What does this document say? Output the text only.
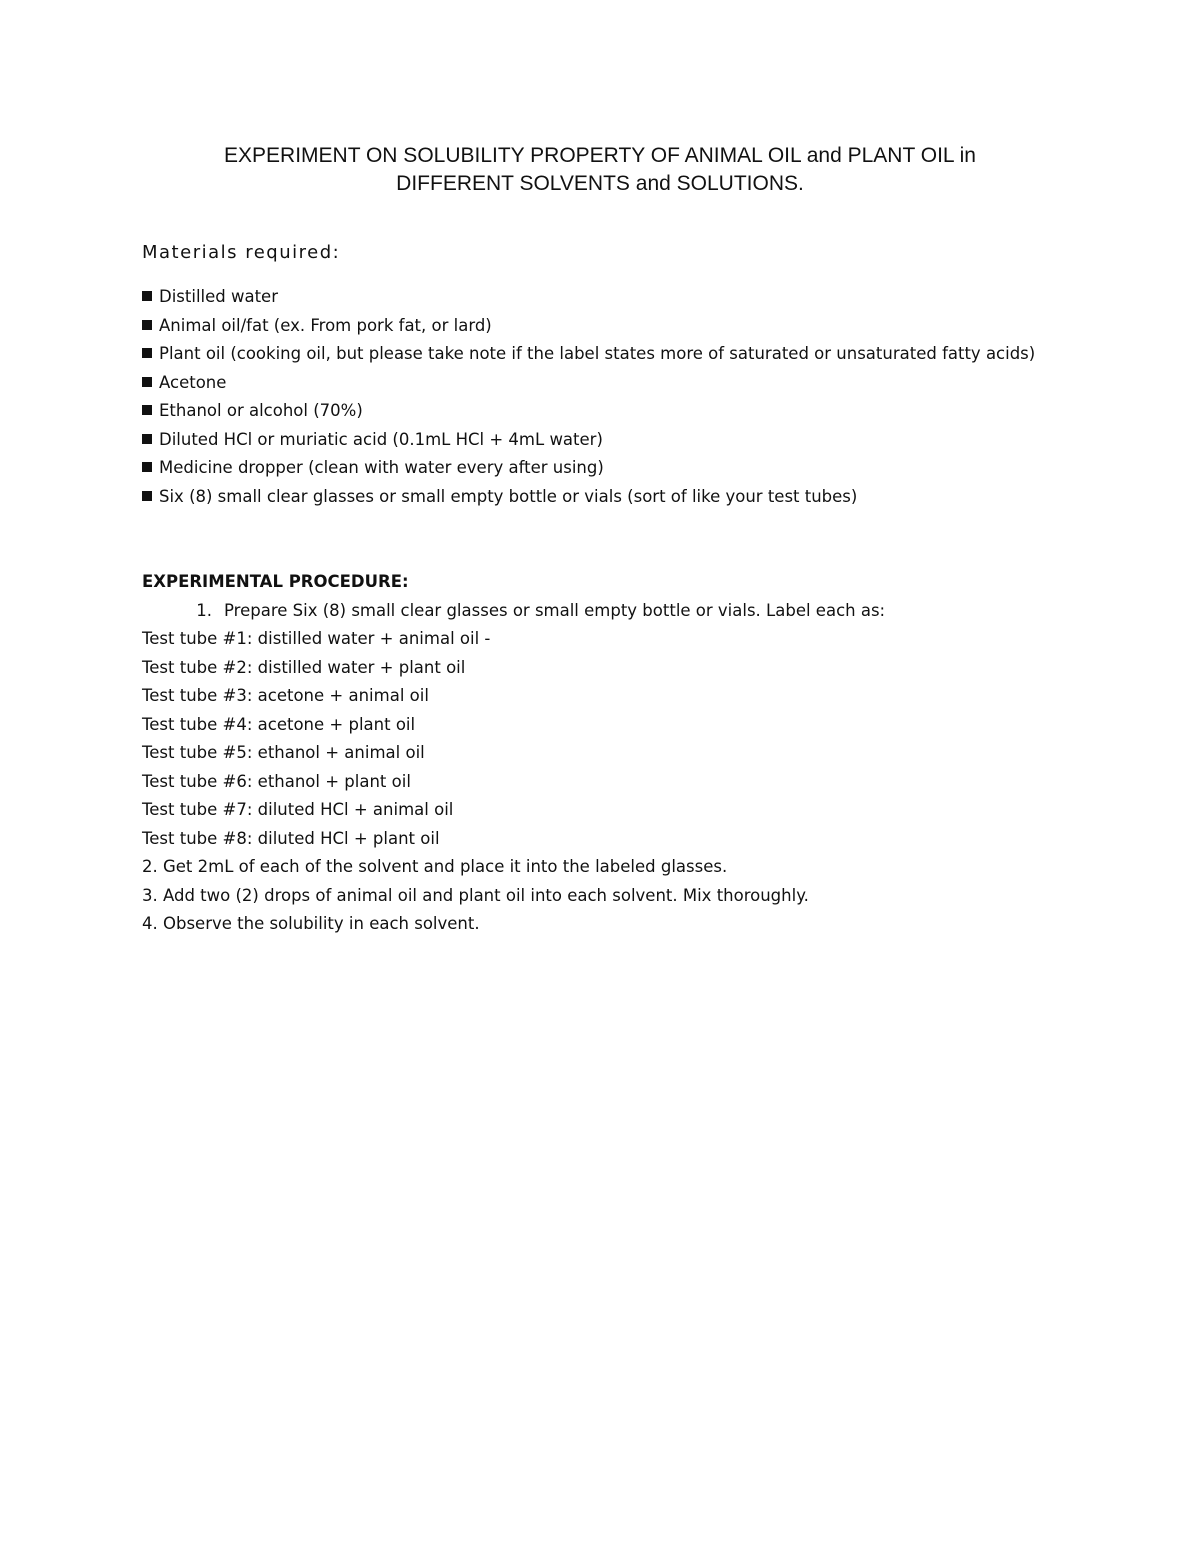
EXPERIMENT ON SOLUBILITY PROPERTY OF ANIMAL OIL and PLANT OIL in
DIFFERENT SOLVENTS and SOLUTIONS.
Materials required:
Distilled water
Animal oil/fat (ex. From pork fat, or lard)
Plant oil (cooking oil, but please take note if the label states more of saturated or unsaturated fatty acids)
Acetone
Ethanol or alcohol (70%)
Diluted HCl or muriatic acid (0.1mL HCl + 4mL water)
Medicine dropper (clean with water every after using)
Six (8) small clear glasses or small empty bottle or vials (sort of like your test tubes)
EXPERIMENTAL PROCEDURE:
1. Prepare Six (8) small clear glasses or small empty bottle or vials. Label each as:
Test tube #1: distilled water + animal oil -
Test tube #2: distilled water + plant oil
Test tube #3: acetone + animal oil
Test tube #4: acetone + plant oil
Test tube #5: ethanol + animal oil
Test tube #6: ethanol + plant oil
Test tube #7: diluted HCl + animal oil
Test tube #8: diluted HCl + plant oil
2. Get 2mL of each of the solvent and place it into the labeled glasses.
3. Add two (2) drops of animal oil and plant oil into each solvent. Mix thoroughly.
4. Observe the solubility in each solvent.
